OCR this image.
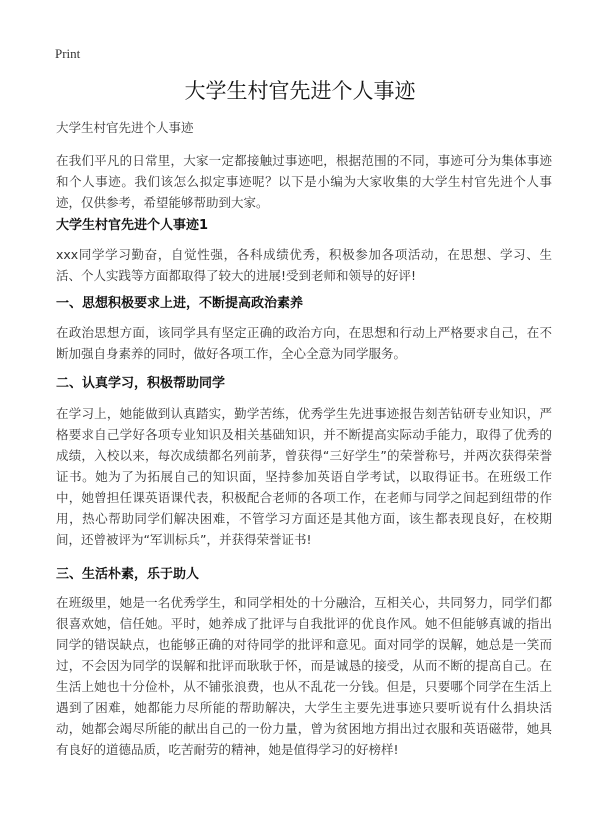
Print
大学生村官先进个人事迹
大学生村官先进个人事迹

在我们平凡的日常里，大家一定都接触过事迹吧，根据范围的不同，事迹可分为集体事迹和个人事迹。我们该怎么拟定事迹呢？以下是小编为大家收集的大学生村官先进个人事迹，仅供参考，希望能够帮助到大家。

大学生村官先进个人事迹1

xxx同学学习勤奋，自觉性强，各科成绩优秀，积极参加各项活动，在思想、学习、生活、个人实践等方面都取得了较大的进展!受到老师和领导的好评!

一、思想积极要求上进，不断提高政治素养

在政治思想方面，该同学具有坚定正确的政治方向，在思想和行动上严格要求自己，在不断加强自身素养的同时，做好各项工作，全心全意为同学服务。

二、认真学习，积极帮助同学

在学习上，她能做到认真踏实，勤学苦练，优秀学生先进事迹报告刻苦钻研专业知识，严格要求自己学好各项专业知识及相关基础知识，并不断提高实际动手能力，取得了优秀的成绩，入校以来，每次成绩都名列前茅，曾获得“三好学生”的荣誉称号，并两次获得荣誉证书。她为了为拓展自己的知识面，坚持参加英语自学考试，以取得证书。在班级工作中，她曾担任课英语课代表，积极配合老师的各项工作，在老师与同学之间起到纽带的作用，热心帮助同学们解决困难，不管学习方面还是其他方面，该生都表现良好，在校期间，还曾被评为“军训标兵”，并获得荣誉证书!

三、生活朴素，乐于助人

在班级里，她是一名优秀学生，和同学相处的十分融洽，互相关心，共同努力，同学们都很喜欢她，信任她。平时，她养成了批评与自我批评的优良作风。她不但能够真诚的指出同学的错误缺点，也能够正确的对待同学的批评和意见。面对同学的误解，她总是一笑而过，不会因为同学的误解和批评而耿耿于怀，而是诚恳的接受，从而不断的提高自己。在生活上她也十分俭朴，从不铺张浪费，也从不乱花一分钱。但是，只要哪个同学在生活上遇到了困难，她都能力尽所能的帮助解决，大学生主要先进事迹只要听说有什么捐块活动，她都会竭尽所能的献出自己的一份力量，曾为贫困地方捐出过衣服和英语磁带，她具有良好的道德品质，吃苦耐劳的精神，她是值得学习的好榜样!
